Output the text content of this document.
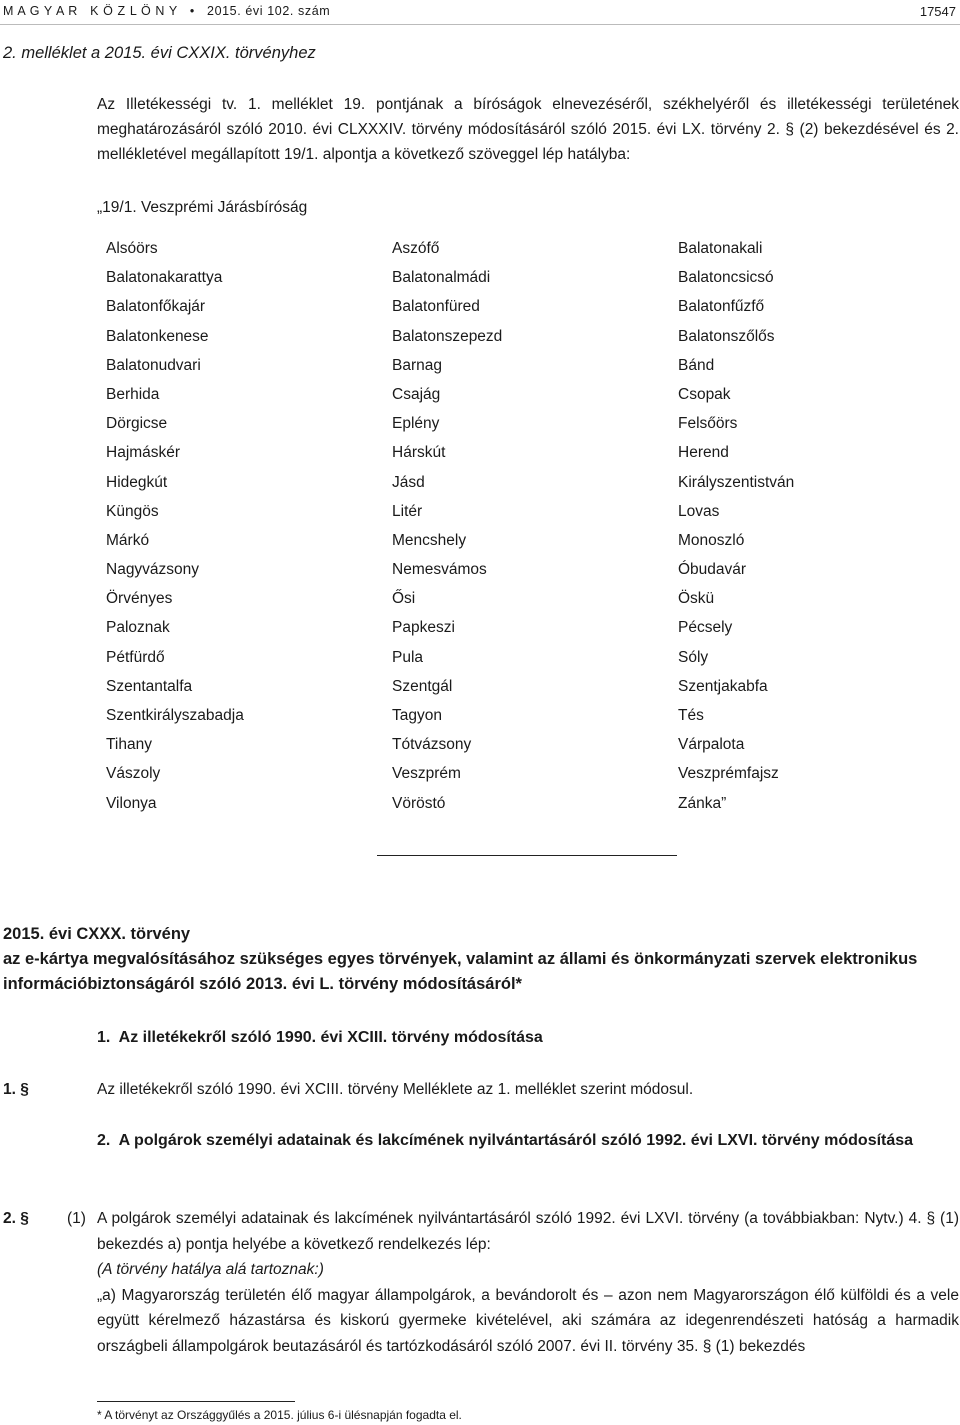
M A G Y A R   K Ö Z L Ö N Y   •   2015. évi 102. szám	17547
2. melléklet a 2015. évi CXXIX. törvényhez
Az Illetékességi tv. 1. melléklet 19. pontjának a bíróságok elnevezéséről, székhelyéről és illetékességi területének meghatározásáról szóló 2010. évi CLXXXIV. törvény módosításáról szóló 2015. évi LX. törvény 2. § (2) bekezdésével és 2. mellékletével megállapított 19/1. alpontja a következő szöveggel lép hatályba:
„19/1. Veszprémi Járásbíróság
Alsóörs	Aszófő	Balatonakali
Balatonakarattya	Balatonalmádi	Balatoncsicsó
Balatonfőkajár	Balatonfüred	Balatonfűzfő
Balatonkenese	Balatonszepezd	Balatonszőlős
Balatonudvari	Barnag	Bánd
Berhida	Csajág	Csopak
Dörgicse	Eplény	Felsőörs
Hajmáskér	Hárskút	Herend
Hidegkút	Jásd	Királyszentistván
Küngös	Litér	Lovas
Márkó	Mencshely	Monoszló
Nagyvázsony	Nemesvámos	Óbudavár
Örvényes	Ősi	Öskü
Paloznak	Papkeszi	Pécsely
Pétfürdő	Pula	Sóly
Szentantalfa	Szentgál	Szentjakabfa
Szentkirályszabadja	Tagyon	Tés
Tihany	Tótvázsony	Várpalota
Vászoly	Veszprém	Veszprémfajsz
Vilonya	Vöröstó	Zánka”
2015. évi CXXX. törvény
az e-kártya megvalósításához szükséges egyes törvények, valamint az állami és önkormányzati szervek elektronikus információbiztonságáról szóló 2013. évi L. törvény módosításáról*
1.  Az illetékekről szóló 1990. évi XCIII. törvény módosítása
1. §	Az illetékekről szóló 1990. évi XCIII. törvény Melléklete az 1. melléklet szerint módosul.
2.  A polgárok személyi adatainak és lakcímének nyilvántartásáról szóló 1992. évi LXVI. törvény módosítása
2. § (1) A polgárok személyi adatainak és lakcímének nyilvántartásáról szóló 1992. évi LXVI. törvény (a továbbiakban: Nytv.) 4. § (1) bekezdés a) pontja helyébe a következő rendelkezés lép:
(A törvény hatálya alá tartoznak:)
„a) Magyarország területén élő magyar állampolgárok, a bevándorolt és – azon nem Magyarországon élő külföldi és a vele együtt kérelmező házastársa és kiskorú gyermeke kivételével, aki számára az idegenrendészeti hatóság a harmadik országbeli állampolgárok beutazásáról és tartózkodásáról szóló 2007. évi II. törvény 35. § (1) bekezdés
* A törvényt az Országgyűlés a 2015. július 6-i ülésnapján fogadta el.
